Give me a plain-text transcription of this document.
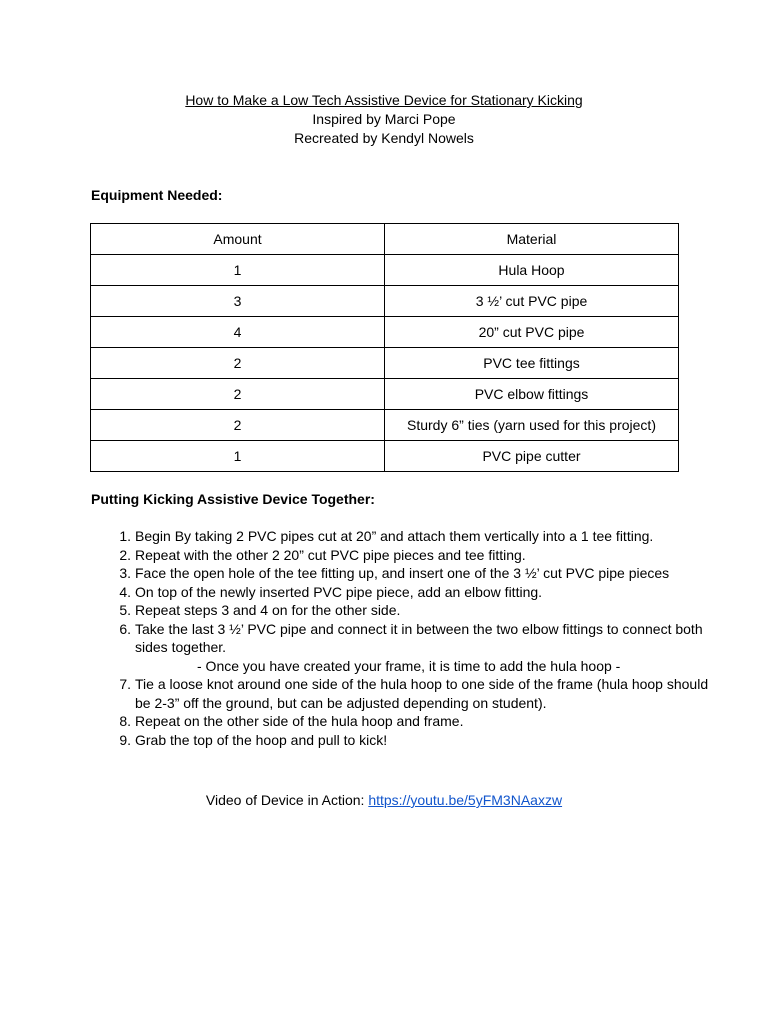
How to Make a Low Tech Assistive Device for Stationary Kicking
Inspired by Marci Pope
Recreated by Kendyl Nowels
Equipment Needed:
Amount	Material
1	Hula Hoop
3	3 ½’ cut PVC pipe
4	20” cut PVC pipe
2	PVC tee fittings
2	PVC elbow fittings
2	Sturdy 6” ties (yarn used for this project)
1	PVC pipe cutter
Putting Kicking Assistive Device Together:
1. Begin By taking 2 PVC pipes cut at 20” and attach them vertically into a 1 tee fitting.
2. Repeat with the other 2 20” cut PVC pipe pieces and tee fitting.
3. Face the open hole of the tee fitting up, and insert one of the 3 ½’ cut PVC pipe pieces
4. On top of the newly inserted PVC pipe piece, add an elbow fitting.
5. Repeat steps 3 and 4 on for the other side.
6. Take the last 3 ½’ PVC pipe and connect it in between the two elbow fittings to connect both sides together.
- Once you have created your frame, it is time to add the hula hoop -
7. Tie a loose knot around one side of the hula hoop to one side of the frame (hula hoop should be 2-3” off the ground, but can be adjusted depending on student).
8. Repeat on the other side of the hula hoop and frame.
9. Grab the top of the hoop and pull to kick!
Video of Device in Action: https://youtu.be/5yFM3NAaxzw
